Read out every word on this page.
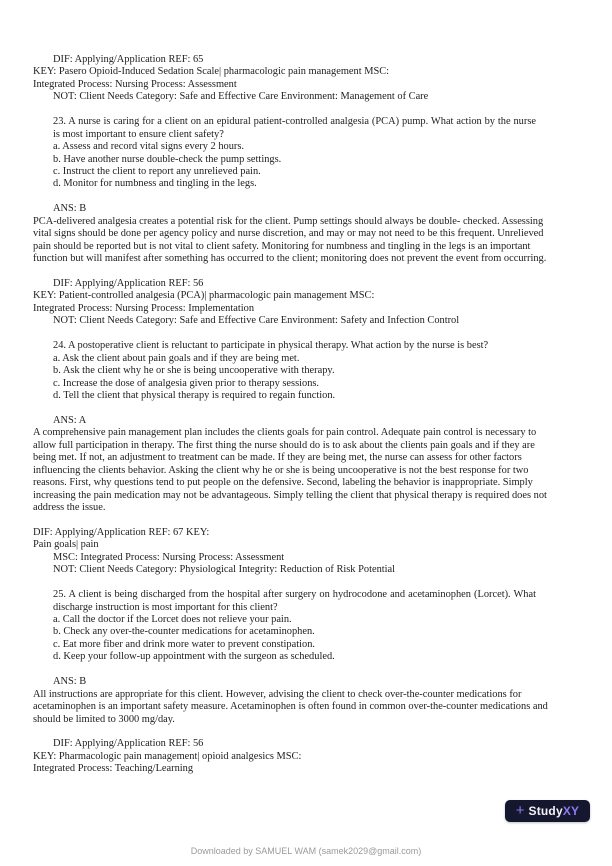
DIF: Applying/Application REF: 65
KEY: Pasero Opioid-Induced Sedation Scale| pharmacologic pain management MSC:
Integrated Process: Nursing Process: Assessment
NOT: Client Needs Category: Safe and Effective Care Environment: Management of Care
23. A nurse is caring for a client on an epidural patient-controlled analgesia (PCA) pump. What action by the nurse is most important to ensure client safety?
a. Assess and record vital signs every 2 hours.
b. Have another nurse double-check the pump settings.
c. Instruct the client to report any unrelieved pain.
d. Monitor for numbness and tingling in the legs.
ANS: B
PCA-delivered analgesia creates a potential risk for the client. Pump settings should always be double- checked. Assessing vital signs should be done per agency policy and nurse discretion, and may or may not need to be this frequent. Unrelieved pain should be reported but is not vital to client safety. Monitoring for numbness and tingling in the legs is an important function but will manifest after something has occurred to the client; monitoring does not prevent the event from occurring.
DIF: Applying/Application REF: 56
KEY: Patient-controlled analgesia (PCA)| pharmacologic pain management MSC:
Integrated Process: Nursing Process: Implementation
NOT: Client Needs Category: Safe and Effective Care Environment: Safety and Infection Control
24. A postoperative client is reluctant to participate in physical therapy. What action by the nurse is best?
a. Ask the client about pain goals and if they are being met.
b. Ask the client why he or she is being uncooperative with therapy.
c. Increase the dose of analgesia given prior to therapy sessions.
d. Tell the client that physical therapy is required to regain function.
ANS: A
A comprehensive pain management plan includes the clients goals for pain control. Adequate pain control is necessary to allow full participation in therapy. The first thing the nurse should do is to ask about the clients pain goals and if they are being met. If not, an adjustment to treatment can be made. If they are being met, the nurse can assess for other factors influencing the clients behavior. Asking the client why he or she is being uncooperative is not the best response for two reasons. First, why questions tend to put people on the defensive. Second, labeling the behavior is inappropriate. Simply increasing the pain medication may not be advantageous. Simply telling the client that physical therapy is required does not address the issue.
DIF: Applying/Application REF: 67 KEY:
Pain goals| pain
MSC: Integrated Process: Nursing Process: Assessment
NOT: Client Needs Category: Physiological Integrity: Reduction of Risk Potential
25. A client is being discharged from the hospital after surgery on hydrocodone and acetaminophen (Lorcet). What discharge instruction is most important for this client?
a. Call the doctor if the Lorcet does not relieve your pain.
b. Check any over-the-counter medications for acetaminophen.
c. Eat more fiber and drink more water to prevent constipation.
d. Keep your follow-up appointment with the surgeon as scheduled.
ANS: B
All instructions are appropriate for this client. However, advising the client to check over-the-counter medications for acetaminophen is an important safety measure. Acetaminophen is often found in common over-the-counter medications and should be limited to 3000 mg/day.
DIF: Applying/Application REF: 56
KEY: Pharmacologic pain management| opioid analgesics MSC:
Integrated Process: Teaching/Learning
+ StudyXY
Downloaded by SAMUEL WAM (samek2029@gmail.com)
